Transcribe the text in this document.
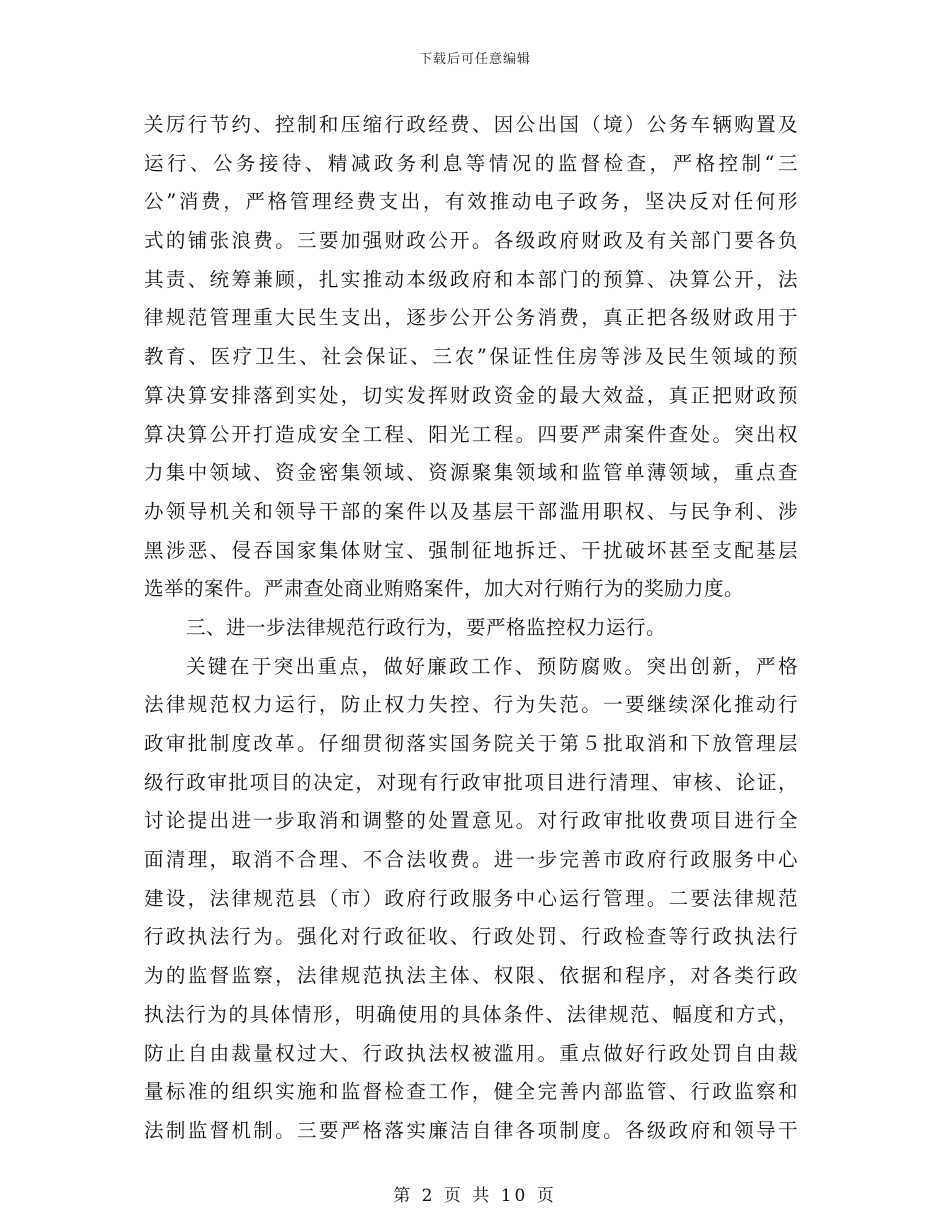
下载后可任意编辑
关厉行节约、控制和压缩行政经费、因公出国（境）公务车辆购置及
运行、公务接待、精减政务利息等情况的监督检查，严格控制“三
公”消费，严格管理经费支出，有效推动电子政务，坚决反对任何形
式的铺张浪费。三要加强财政公开。各级政府财政及有关部门要各负
其责、统筹兼顾，扎实推动本级政府和本部门的预算、决算公开，法
律规范管理重大民生支出，逐步公开公务消费，真正把各级财政用于
教育、医疗卫生、社会保证、三农”保证性住房等涉及民生领域的预
算决算安排落到实处，切实发挥财政资金的最大效益，真正把财政预
算决算公开打造成安全工程、阳光工程。四要严肃案件查处。突出权
力集中领域、资金密集领域、资源聚集领域和监管单薄领域，重点查
办领导机关和领导干部的案件以及基层干部滥用职权、与民争利、涉
黑涉恶、侵吞国家集体财宝、强制征地拆迁、干扰破坏甚至支配基层
选举的案件。严肃查处商业贿赂案件，加大对行贿行为的奖励力度。
三、进一步法律规范行政行为，要严格监控权力运行。
关键在于突出重点，做好廉政工作、预防腐败。突出创新，严格
法律规范权力运行，防止权力失控、行为失范。一要继续深化推动行
政审批制度改革。仔细贯彻落实国务院关于第５批取消和下放管理层
级行政审批项目的决定，对现有行政审批项目进行清理、审核、论证，
讨论提出进一步取消和调整的处置意见。对行政审批收费项目进行全
面清理，取消不合理、不合法收费。进一步完善市政府行政服务中心
建设，法律规范县（市）政府行政服务中心运行管理。二要法律规范
行政执法行为。强化对行政征收、行政处罚、行政检查等行政执法行
为的监督监察，法律规范执法主体、权限、依据和程序，对各类行政
执法行为的具体情形，明确使用的具体条件、法律规范、幅度和方式，
防止自由裁量权过大、行政执法权被滥用。重点做好行政处罚自由裁
量标准的组织实施和监督检查工作，健全完善内部监管、行政监察和
法制监督机制。三要严格落实廉洁自律各项制度。各级政府和领导干
第 2 页 共 10 页
